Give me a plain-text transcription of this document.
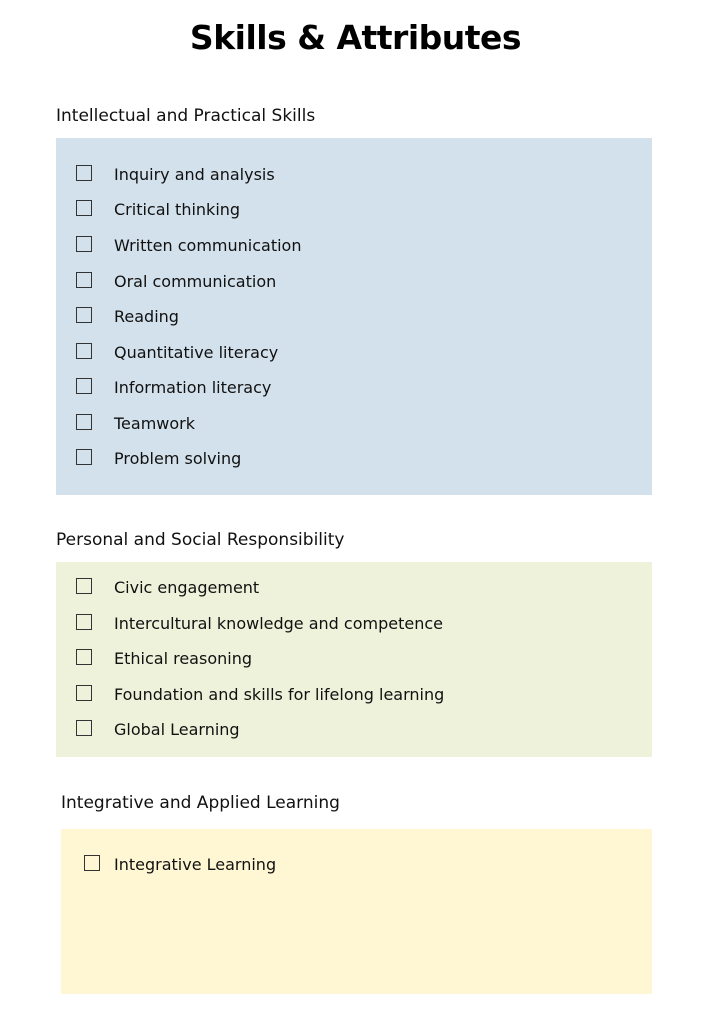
Skills & Attributes
Intellectual and Practical Skills
Inquiry and analysis
Critical thinking
Written communication
Oral communication
Reading
Quantitative literacy
Information literacy
Teamwork
Problem solving
Personal and Social Responsibility
Civic engagement
Intercultural knowledge and competence
Ethical reasoning
Foundation and skills for lifelong learning
Global Learning
Integrative and Applied Learning
Integrative Learning
